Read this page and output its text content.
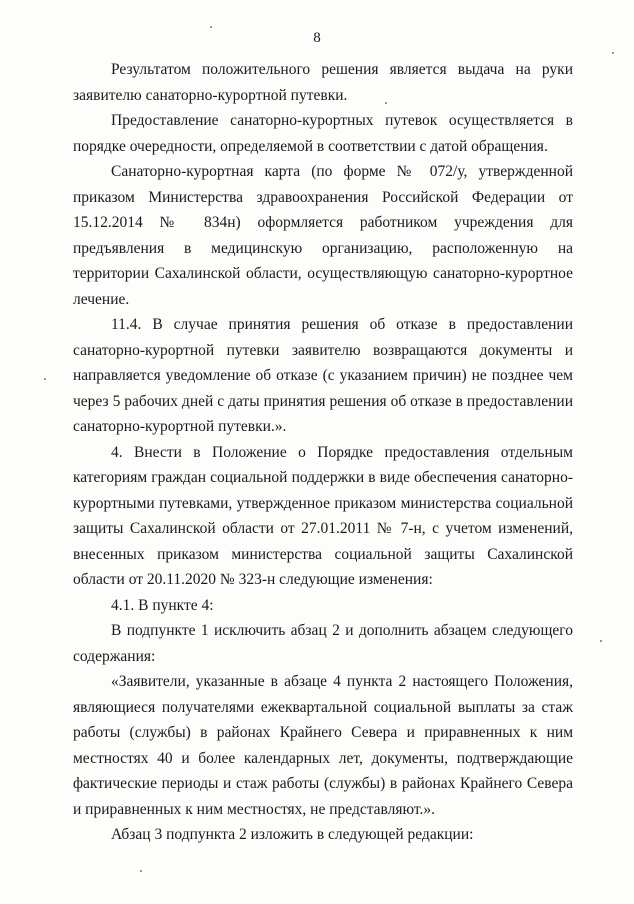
8

Результатом положительного решения является выдача на руки заявителю санаторно-курортной путевки.

Предоставление санаторно-курортных путевок осуществляется в порядке очередности, определяемой в соответствии с датой обращения.

Санаторно-курортная карта (по форме № 072/у, утвержденной приказом Министерства здравоохранения Российской Федерации от 15.12.2014 № 834н) оформляется работником учреждения для предъявления в медицинскую организацию, расположенную на территории Сахалинской области, осуществляющую санаторно-курортное лечение.

11.4. В случае принятия решения об отказе в предоставлении санаторно-курортной путевки заявителю возвращаются документы и направляется уведомление об отказе (с указанием причин) не позднее чем через 5 рабочих дней с даты принятия решения об отказе в предоставлении санаторно-курортной путевки.».

4. Внести в Положение о Порядке предоставления отдельным категориям граждан социальной поддержки в виде обеспечения санаторно-курортными путевками, утвержденное приказом министерства социальной защиты Сахалинской области от 27.01.2011 № 7-н, с учетом изменений, внесенных приказом министерства социальной защиты Сахалинской области от 20.11.2020 № 323-н следующие изменения:

4.1. В пункте 4:

В подпункте 1 исключить абзац 2 и дополнить абзацем следующего содержания:

«Заявители, указанные в абзаце 4 пункта 2 настоящего Положения, являющиеся получателями ежеквартальной социальной выплаты за стаж работы (службы) в районах Крайнего Севера и приравненных к ним местностях 40 и более календарных лет, документы, подтверждающие фактические периоды и стаж работы (службы) в районах Крайнего Севера и приравненных к ним местностях, не представляют.».

Абзац 3 подпункта 2 изложить в следующей редакции:
